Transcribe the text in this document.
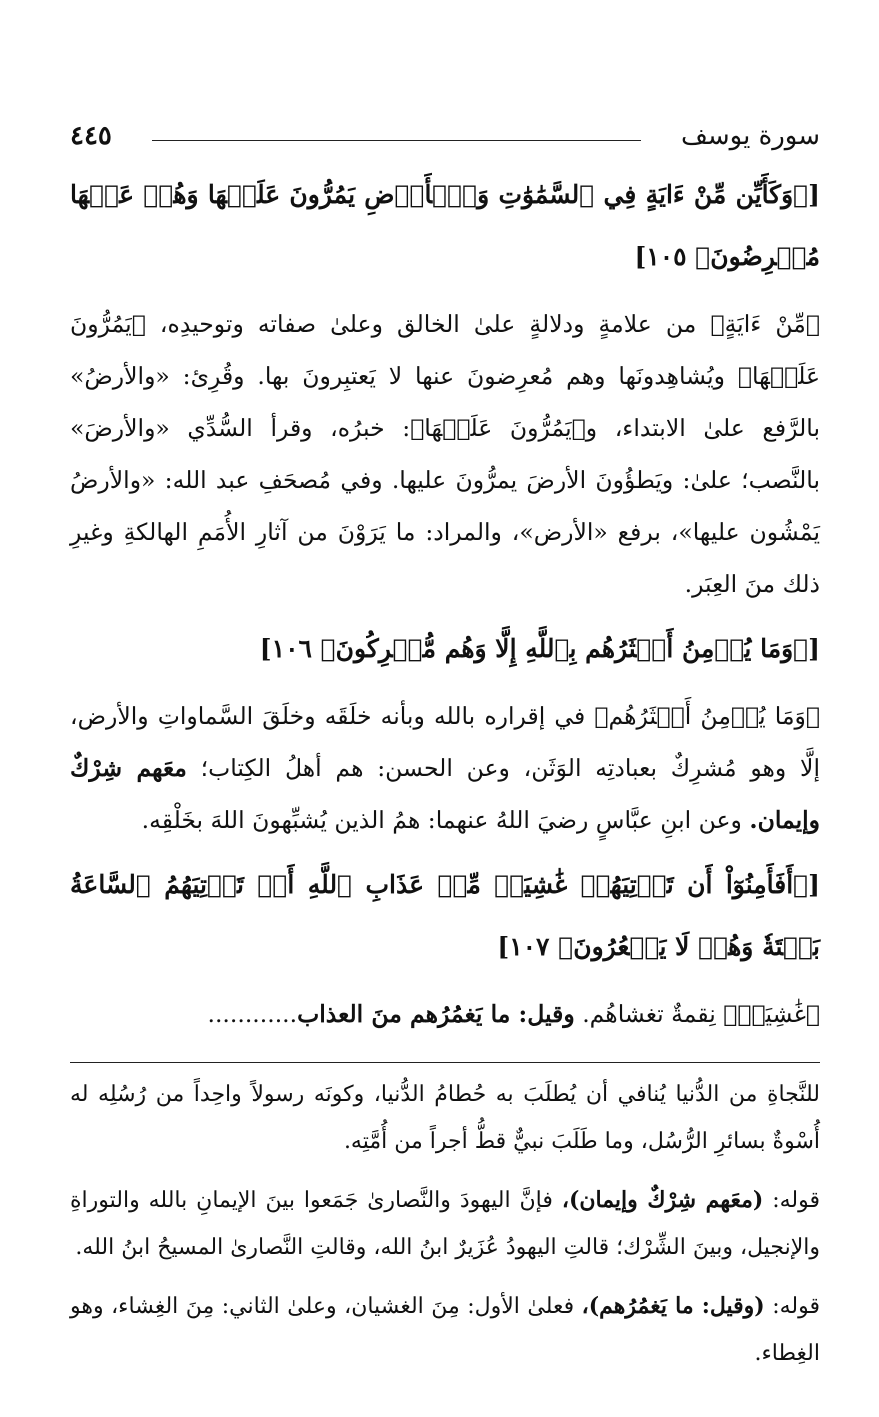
سورة يوسف
٤٤٥

[﴿وَكَأَيِّن مِّنْ ءَايَةٍ فِي ٱلسَّمَٰوَٰتِ وَٱلۡأَرۡضِ يَمُرُّونَ عَلَيۡهَا وَهُمۡ عَنۡهَا مُعۡرِضُونَ﴾ ١٠٥]

﴿مِّنْ ءَايَةٍ﴾ من علامةٍ ودلالةٍ علىٰ الخالق وعلىٰ صفاته وتوحيدِه، ﴿يَمُرُّونَ عَلَيۡهَا﴾ ويُشاهِدونَها وهم مُعرِضونَ عنها لا يَعتبِرونَ بها. وقُرِئ: «والأرضُ» بالرَّفع علىٰ الابتداء، و﴿يَمُرُّونَ عَلَيۡهَا﴾: خبرُه، وقرأ السُّدِّي «والأرضَ» بالنَّصب؛ علىٰ: ويَطؤُونَ الأرضَ يمرُّونَ عليها. وفي مُصحَفِ عبد الله: «والأرضُ يَمْشُون عليها»، برفع «الأرض»، والمراد: ما يَرَوْنَ من آثارِ الأُمَمِ الهالكةِ وغيرِ ذلك منَ العِبَر.

[﴿وَمَا يُؤۡمِنُ أَكۡثَرُهُم بِٱللَّهِ إِلَّا وَهُم مُّشۡرِكُونَ﴾ ١٠٦]

﴿وَمَا يُؤۡمِنُ أَكۡثَرُهُم﴾ في إقراره بالله وبأنه خلَقَه وخلَقَ السَّماواتِ والأرض، إلَّا وهو مُشرِكٌ بعبادتِه الوَثَن، وعن الحسن: هم أهلُ الكِتاب؛ معَهم شِرْكٌ وإيمان. وعن ابنِ عبَّاسٍ رضيَ اللهُ عنهما: همُ الذين يُشبِّهونَ اللهَ بخَلْقِه.

[﴿أَفَأَمِنُوٓاْ أَن تَأۡتِيَهُمۡ غَٰشِيَةٞ مِّنۡ عَذَابِ ٱللَّهِ أَوۡ تَأۡتِيَهُمُ ٱلسَّاعَةُ بَغۡتَةٗ وَهُمۡ لَا يَشۡعُرُونَ﴾ ١٠٧]

﴿غَٰشِيَةٞ﴾ نِقمةٌ تغشاهُم. وقيل: ما يَغمُرُهم منَ العذاب............

للنَّجاةِ من الدُّنيا يُنافي أن يُطلَبَ به حُطامُ الدُّنيا، وكونَه رسولاً واحِداً من رُسُلِه له أُسْوةٌ بسائرِ الرُّسُل، وما طَلَبَ نبيٌّ قطُّ أجراً من أُمَّتِه.

قوله: (معَهم شِرْكٌ وإيمان)، فإنَّ اليهودَ والنَّصارىٰ جَمَعوا بينَ الإيمانِ بالله والتوراةِ والإنجيل، وبينَ الشِّرْك؛ قالتِ اليهودُ عُزَيرٌ ابنُ الله، وقالتِ النَّصارىٰ المسيحُ ابنُ الله.

قوله: (وقيل: ما يَغمُرُهم)، فعلىٰ الأول: مِنَ الغشيان، وعلىٰ الثاني: مِنَ الغِشاء، وهو الغِطاء.
